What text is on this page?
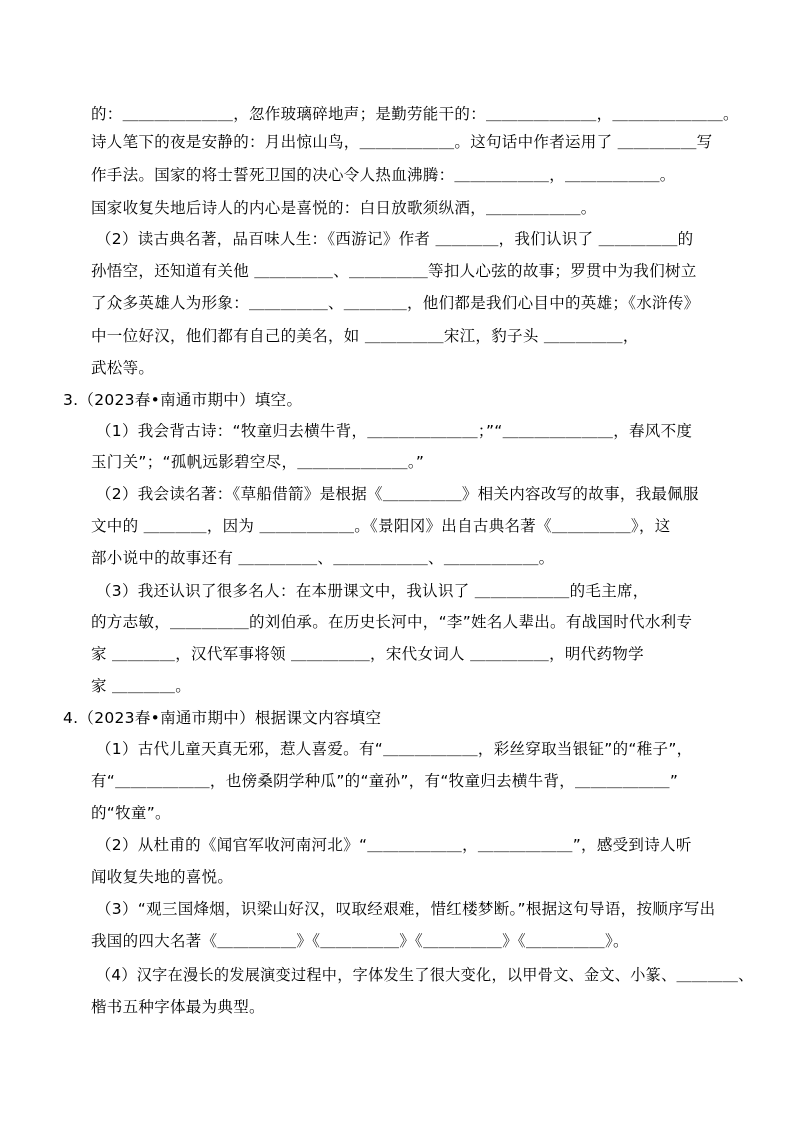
的：＿＿＿＿＿＿＿，忽作玻璃碎地声；是勤劳能干的：＿＿＿＿＿＿＿，＿＿＿＿＿＿＿。
诗人笔下的夜是安静的：月出惊山鸟，＿＿＿＿＿＿。这句话中作者运用了 ＿＿＿＿＿写
作手法。国家的将士誓死卫国的决心令人热血沸腾：＿＿＿＿＿＿，＿＿＿＿＿＿。
国家收复失地后诗人的内心是喜悦的：白日放歌须纵酒，＿＿＿＿＿＿。
（2）读古典名著，品百味人生：《西游记》作者 ＿＿＿＿，我们认识了 ＿＿＿＿＿的
孙悟空，还知道有关他 ＿＿＿＿＿、＿＿＿＿＿等扣人心弦的故事；罗贯中为我们树立
了众多英雄人为形象：＿＿＿＿＿、＿＿＿＿，他们都是我们心目中的英雄；《水浒传》
中一位好汉，他们都有自己的美名，如 ＿＿＿＿＿宋江，豹子头 ＿＿＿＿＿，
武松等。
3.（2023春•南通市期中）填空。
（1）我会背古诗：“牧童归去横牛背，＿＿＿＿＿＿＿；”“＿＿＿＿＿＿＿，春风不度
玉门关”；“孤帆远影碧空尽，＿＿＿＿＿＿＿。”
（2）我会读名著：《草船借箭》是根据《＿＿＿＿＿》相关内容改写的故事，我最佩服
文中的 ＿＿＿＿，因为 ＿＿＿＿＿＿。《景阳冈》出自古典名著《＿＿＿＿＿》，这
部小说中的故事还有 ＿＿＿＿＿、＿＿＿＿＿＿、＿＿＿＿＿＿。
（3）我还认识了很多名人：在本册课文中，我认识了 ＿＿＿＿＿＿的毛主席，
的方志敏，＿＿＿＿＿的刘伯承。在历史长河中，“李”姓名人辈出。有战国时代水利专
家 ＿＿＿＿，汉代军事将领 ＿＿＿＿＿，宋代女词人 ＿＿＿＿＿，明代药物学
家 ＿＿＿＿。
4.（2023春•南通市期中）根据课文内容填空
（1）古代儿童天真无邪，惹人喜爱。有“＿＿＿＿＿＿，彩丝穿取当银钲”的“稚子”，
有“＿＿＿＿＿＿，也傍桑阴学种瓜”的“童孙”，有“牧童归去横牛背，＿＿＿＿＿＿”
的“牧童”。
（2）从杜甫的《闻官军收河南河北》“＿＿＿＿＿＿，＿＿＿＿＿＿”，感受到诗人听
闻收复失地的喜悦。
（3）“观三国烽烟，识梁山好汉，叹取经艰难，惜红楼梦断。”根据这句导语，按顺序写出
我国的四大名著《＿＿＿＿＿》《＿＿＿＿＿》《＿＿＿＿＿》《＿＿＿＿＿》。
（4）汉字在漫长的发展演变过程中，字体发生了很大变化，以甲骨文、金文、小篆、＿＿＿＿、
楷书五种字体最为典型。
